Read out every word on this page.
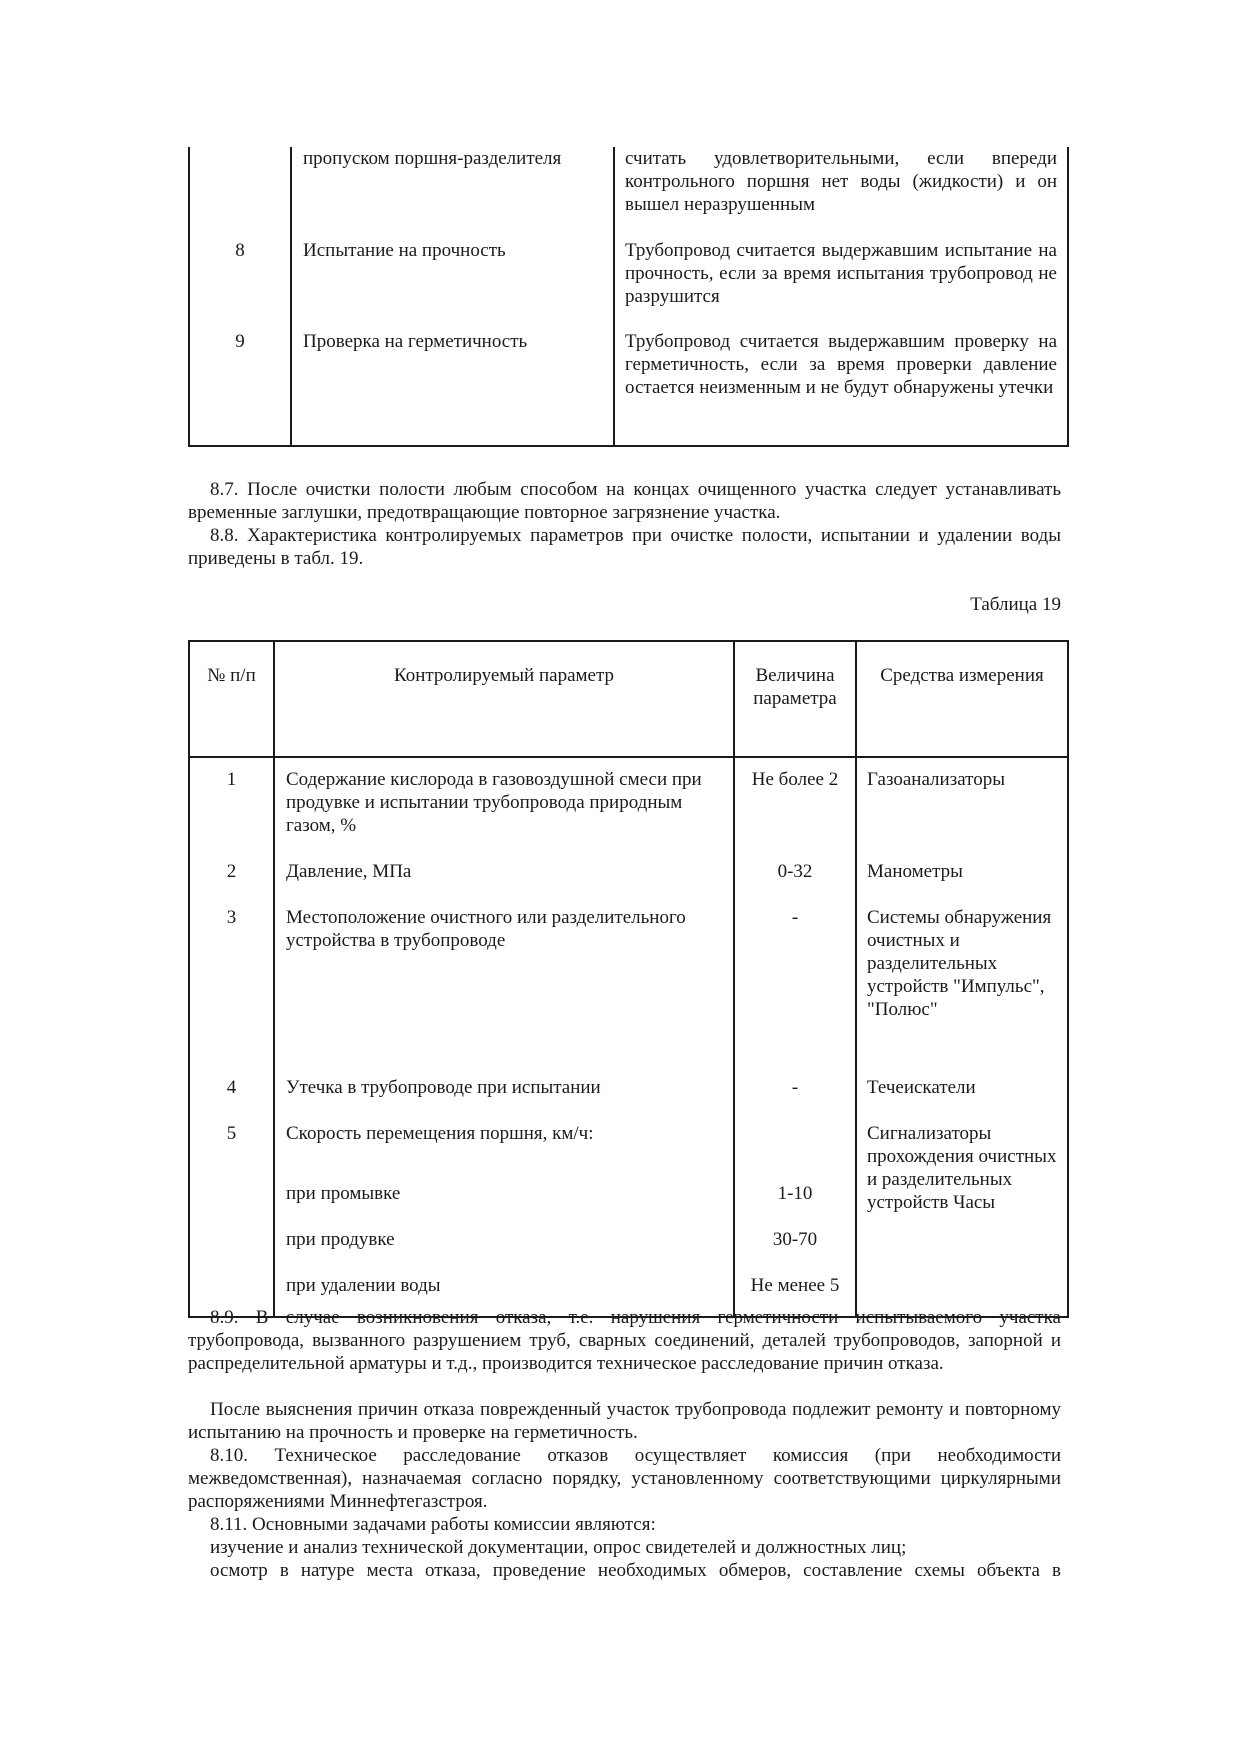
	пропуском поршня-разделителя	считать удовлетворительными, если впереди контрольного поршня нет воды (жидкости) и он вышел неразрушенным
8	Испытание на прочность	Трубопровод считается выдержавшим испытание на прочность, если за время испытания трубопровод не разрушится
9	Проверка на герметичность	Трубопровод считается выдержавшим проверку на герметичность, если за время проверки давление остается неизменным и не будут обнаружены утечки

8.7. После очистки полости любым способом на концах очищенного участка следует устанавливать временные заглушки, предотвращающие повторное загрязнение участка.

8.8. Характеристика контролируемых параметров при очистке полости, испытании и удалении воды приведены в табл. 19.

Таблица 19

№ п/п	Контролируемый параметр	Величина параметра	Средства измерения
1	Содержание кислорода в газовоздушной смеси при продувке и испытании трубопровода природным газом, %	Не более 2	Газоанализаторы
2	Давление, МПа	0-32	Манометры
3	Местоположение очистного или разделительного устройства в трубопроводе	-	Системы обнаружения очистных и разделительных устройств "Импульс", "Полюс"
4	Утечка в трубопроводе при испытании	-	Течеискатели
5	Скорость перемещения поршня, км/ч:		Сигнализаторы прохождения очистных и разделительных устройств Часы
	при промывке	1-10	
	при продувке	30-70	
	при удалении воды	Не менее 5	

8.9. В случае возникновения отказа, т.е. нарушения герметичности испытываемого участка трубопровода, вызванного разрушением труб, сварных соединений, деталей трубопроводов, запорной и распределительной арматуры и т.д., производится техническое расследование причин отказа.

После выяснения причин отказа поврежденный участок трубопровода подлежит ремонту и повторному испытанию на прочность и проверке на герметичность.

8.10. Техническое расследование отказов осуществляет комиссия (при необходимости межведомственная), назначаемая согласно порядку, установленному соответствующими циркулярными распоряжениями Миннефтегазстроя.

8.11. Основными задачами работы комиссии являются:

изучение и анализ технической документации, опрос свидетелей и должностных лиц;

осмотр в натуре места отказа, проведение необходимых обмеров, составление схемы объекта в
